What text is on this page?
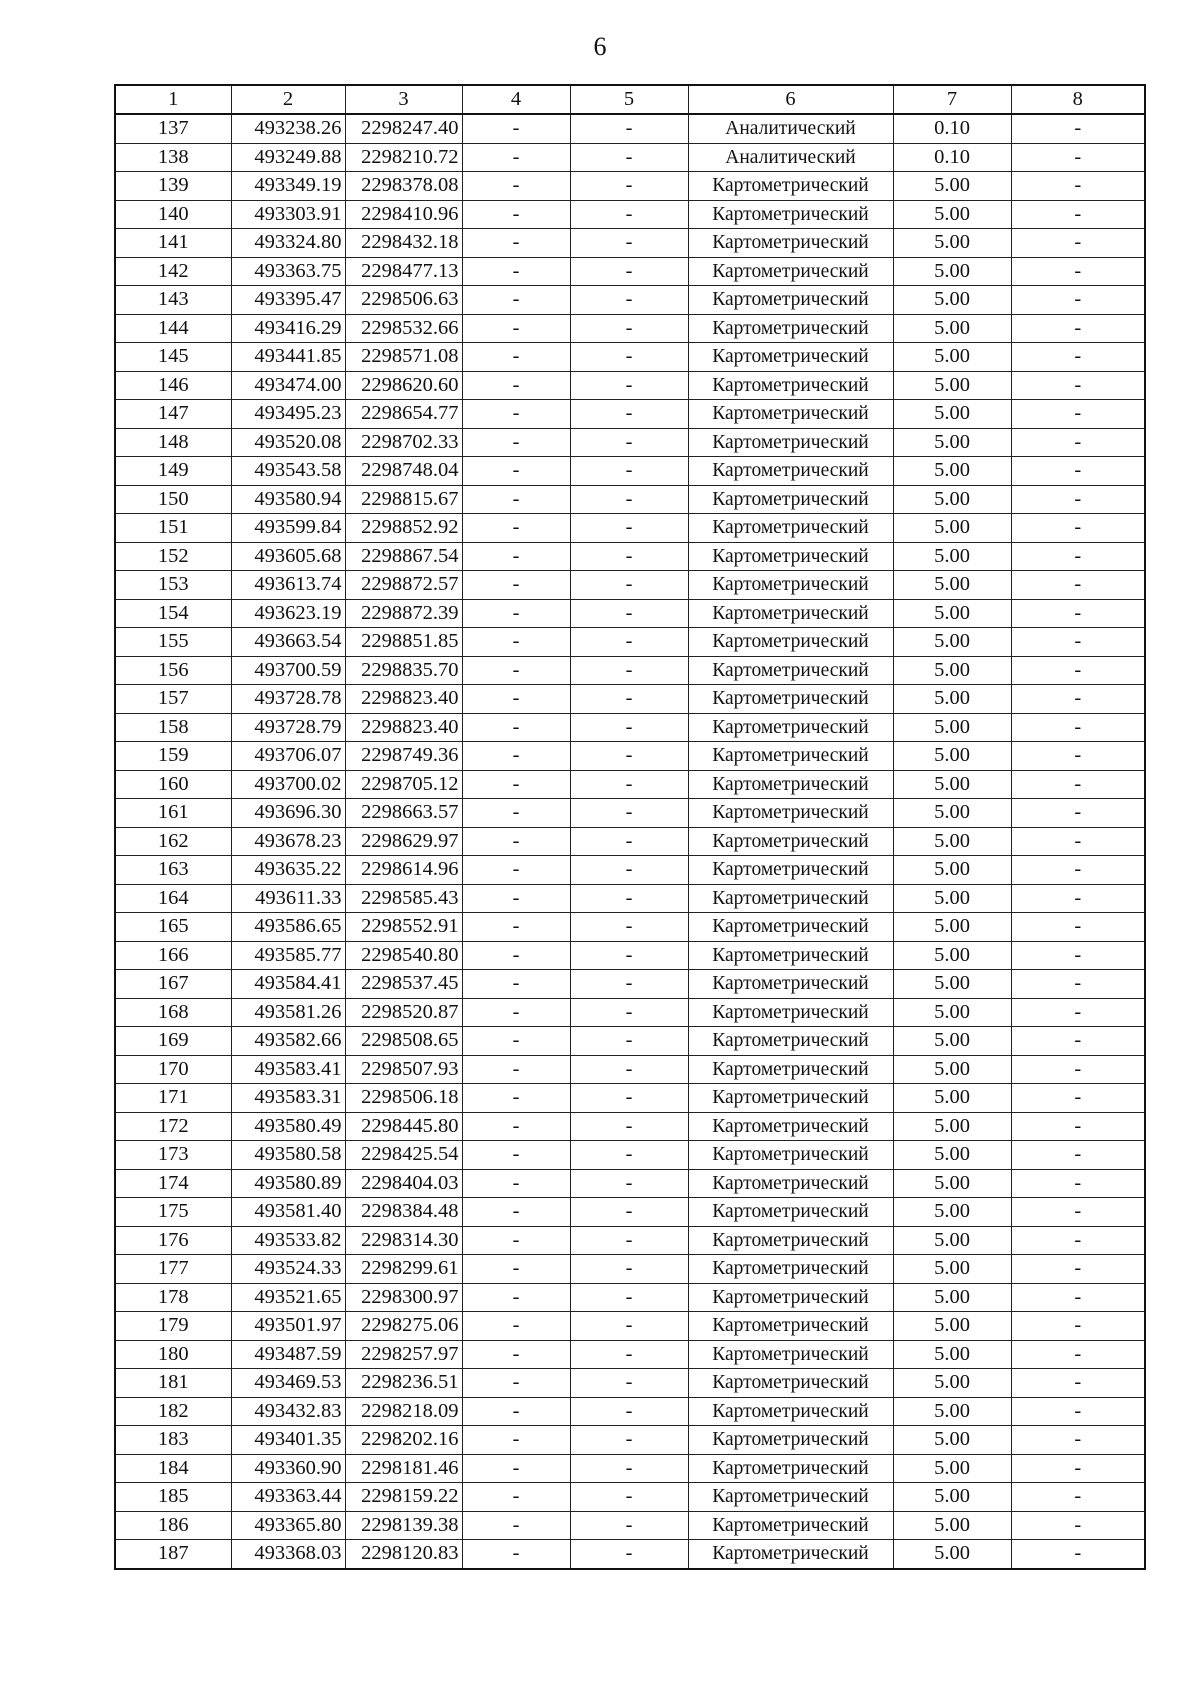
6
1	2	3	4	5	6	7	8
137	493238.26	2298247.40	-	-	Аналитический	0.10	-
138	493249.88	2298210.72	-	-	Аналитический	0.10	-
139	493349.19	2298378.08	-	-	Картометрический	5.00	-
140	493303.91	2298410.96	-	-	Картометрический	5.00	-
141	493324.80	2298432.18	-	-	Картометрический	5.00	-
142	493363.75	2298477.13	-	-	Картометрический	5.00	-
143	493395.47	2298506.63	-	-	Картометрический	5.00	-
144	493416.29	2298532.66	-	-	Картометрический	5.00	-
145	493441.85	2298571.08	-	-	Картометрический	5.00	-
146	493474.00	2298620.60	-	-	Картометрический	5.00	-
147	493495.23	2298654.77	-	-	Картометрический	5.00	-
148	493520.08	2298702.33	-	-	Картометрический	5.00	-
149	493543.58	2298748.04	-	-	Картометрический	5.00	-
150	493580.94	2298815.67	-	-	Картометрический	5.00	-
151	493599.84	2298852.92	-	-	Картометрический	5.00	-
152	493605.68	2298867.54	-	-	Картометрический	5.00	-
153	493613.74	2298872.57	-	-	Картометрический	5.00	-
154	493623.19	2298872.39	-	-	Картометрический	5.00	-
155	493663.54	2298851.85	-	-	Картометрический	5.00	-
156	493700.59	2298835.70	-	-	Картометрический	5.00	-
157	493728.78	2298823.40	-	-	Картометрический	5.00	-
158	493728.79	2298823.40	-	-	Картометрический	5.00	-
159	493706.07	2298749.36	-	-	Картометрический	5.00	-
160	493700.02	2298705.12	-	-	Картометрический	5.00	-
161	493696.30	2298663.57	-	-	Картометрический	5.00	-
162	493678.23	2298629.97	-	-	Картометрический	5.00	-
163	493635.22	2298614.96	-	-	Картометрический	5.00	-
164	493611.33	2298585.43	-	-	Картометрический	5.00	-
165	493586.65	2298552.91	-	-	Картометрический	5.00	-
166	493585.77	2298540.80	-	-	Картометрический	5.00	-
167	493584.41	2298537.45	-	-	Картометрический	5.00	-
168	493581.26	2298520.87	-	-	Картометрический	5.00	-
169	493582.66	2298508.65	-	-	Картометрический	5.00	-
170	493583.41	2298507.93	-	-	Картометрический	5.00	-
171	493583.31	2298506.18	-	-	Картометрический	5.00	-
172	493580.49	2298445.80	-	-	Картометрический	5.00	-
173	493580.58	2298425.54	-	-	Картометрический	5.00	-
174	493580.89	2298404.03	-	-	Картометрический	5.00	-
175	493581.40	2298384.48	-	-	Картометрический	5.00	-
176	493533.82	2298314.30	-	-	Картометрический	5.00	-
177	493524.33	2298299.61	-	-	Картометрический	5.00	-
178	493521.65	2298300.97	-	-	Картометрический	5.00	-
179	493501.97	2298275.06	-	-	Картометрический	5.00	-
180	493487.59	2298257.97	-	-	Картометрический	5.00	-
181	493469.53	2298236.51	-	-	Картометрический	5.00	-
182	493432.83	2298218.09	-	-	Картометрический	5.00	-
183	493401.35	2298202.16	-	-	Картометрический	5.00	-
184	493360.90	2298181.46	-	-	Картометрический	5.00	-
185	493363.44	2298159.22	-	-	Картометрический	5.00	-
186	493365.80	2298139.38	-	-	Картометрический	5.00	-
187	493368.03	2298120.83	-	-	Картометрический	5.00	-
